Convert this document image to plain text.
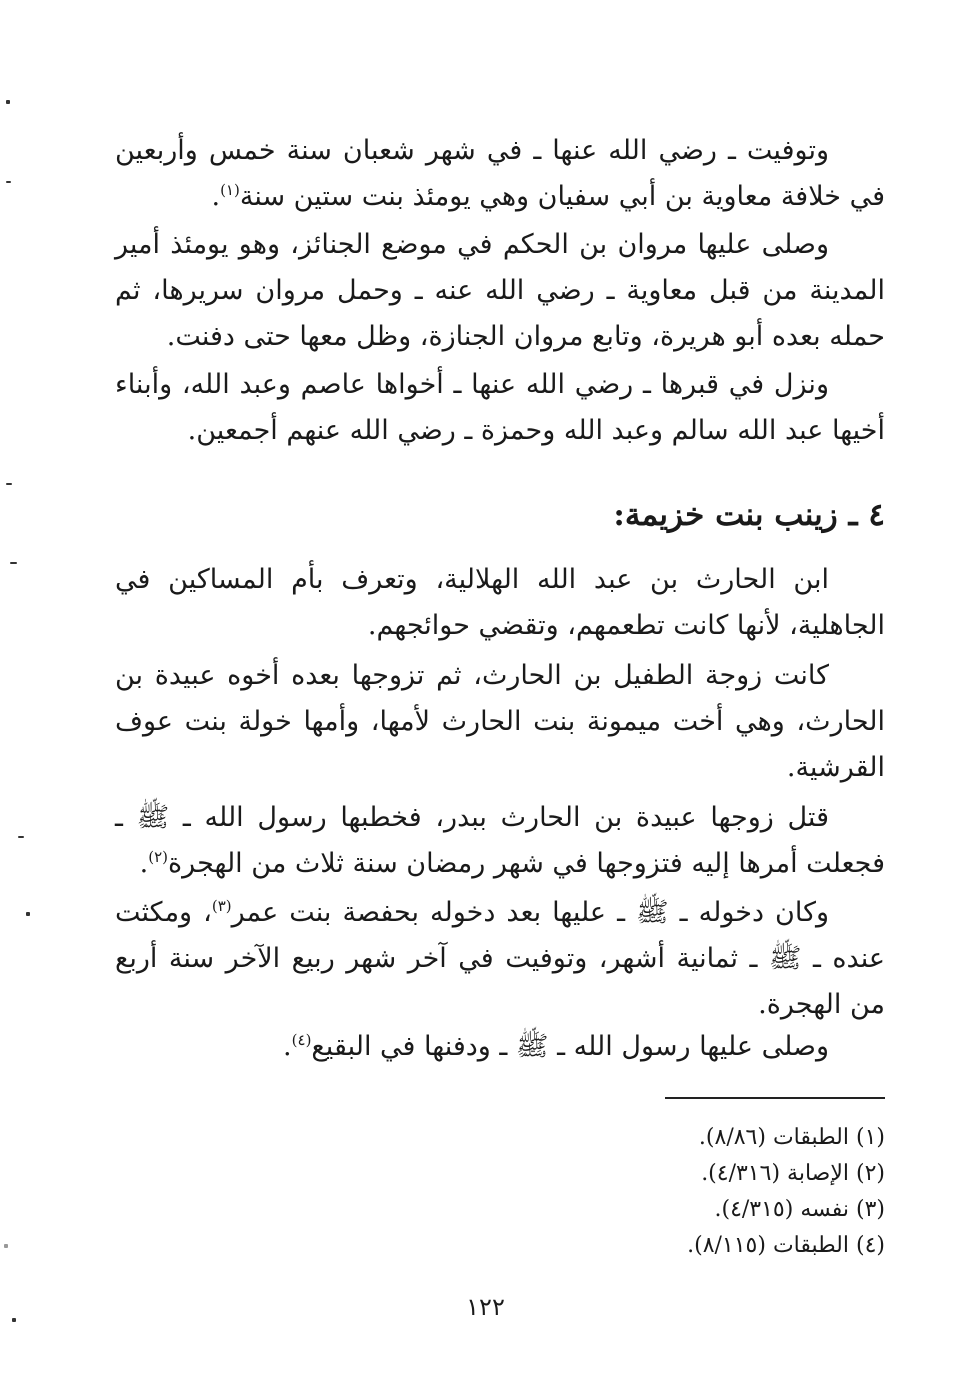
وتوفيت ـ رضي الله عنها ـ في شهر شعبان سنة خمس وأربعين في خلافة معاوية بن أبي سفيان وهي يومئذ بنت ستين سنة$^{(١)}$.

وصلى عليها مروان بن الحكم في موضع الجنائز، وهو يومئذ أمير المدينة من قبل معاوية ـ رضي الله عنه ـ وحمل مروان سريرها، ثم حمله بعده أبو هريرة، وتابع مروان الجنازة، وظل معها حتى دفنت.

ونزل في قبرها ـ رضي الله عنها ـ أخواها عاصم وعبد الله، وأبناء أخيها عبد الله سالم وعبد الله وحمزة ـ رضي الله عنهم أجمعين.

٤ ـ زينب بنت خزيمة:

ابن الحارث بن عبد الله الهلالية، وتعرف بأم المساكين في الجاهلية، لأنها كانت تطعمهم، وتقضي حوائجهم.

كانت زوجة الطفيل بن الحارث، ثم تزوجها بعده أخوه عبيدة بن الحارث، وهي أخت ميمونة بنت الحارث لأمها، وأمها خولة بنت عوف القرشية.

قتل زوجها عبيدة بن الحارث ببدر، فخطبها رسول الله ـ ﷺ ـ فجعلت أمرها إليه فتزوجها في شهر رمضان سنة ثلاث من الهجرة$^{(٢)}$.

وكان دخوله ـ ﷺ ـ عليها بعد دخوله بحفصة بنت عمر$^{(٣)}$، ومكثت عنده ـ ﷺ ـ ثمانية أشهر، وتوفيت في آخر شهر ربيع الآخر سنة أربع من الهجرة.

وصلى عليها رسول الله ـ ﷺ ـ ودفنها في البقيع$^{(٤)}$.

(١) الطبقات (٨/٨٦).
(٢) الإصابة (٤/٣١٦).
(٣) نفسه (٤/٣١٥).
(٤) الطبقات (٨/١١٥).
١٢٢
